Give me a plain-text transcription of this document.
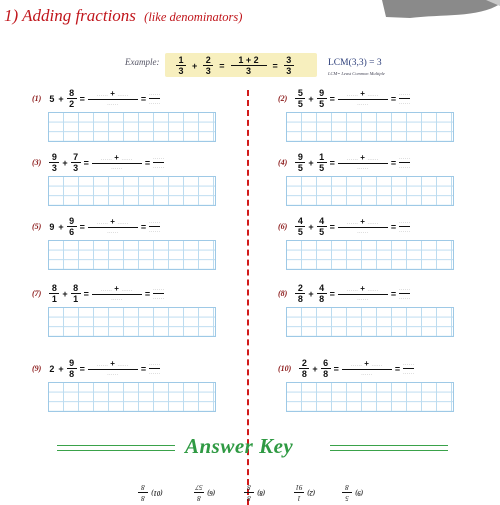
1) Adding fractions (like denominators)
Example: $\frac{1}{3} + \frac{2}{3} = \frac{1 + 2}{3} = \frac{3}{3}$	LCM(3,3) = 3
LCM= Least Common Multiple
(1) $5 + \frac{8}{2} = \frac{...... + ......}{......} = \frac{......}{......}$	$(2) \frac{5}{5} + \frac{9}{5} = \frac{...... + ......}{......} = \frac{......}{......}$
$(3) \frac{9}{3} + \frac{7}{3} = \frac{...... + ......}{......} = \frac{......}{......}$	$(4) \frac{9}{5} + \frac{1}{5} = \frac{...... + ......}{......} = \frac{......}{......}$
(5) $9 + \frac{9}{6} = \frac{...... + ......}{......} = \frac{......}{......}$	$(6) \frac{4}{5} + \frac{4}{5} = \frac{...... + ......}{......} = \frac{......}{......}$
$(7) \frac{8}{1} + \frac{8}{1} = \frac{...... + ......}{......} = \frac{......}{......}$	$(8) \frac{2}{8} + \frac{4}{8} = \frac{...... + ......}{......} = \frac{......}{......}$
(9) $2 + \frac{9}{8} = \frac{...... + ......}{......} = \frac{......}{......}$	$(10) \frac{2}{8} + \frac{6}{8} = \frac{...... + ......}{......} = \frac{......}{......}$
Answer Key
8
8
(01)
8
57
(6)
8
8
(8)
1
91
(2)
5
8
(9)
